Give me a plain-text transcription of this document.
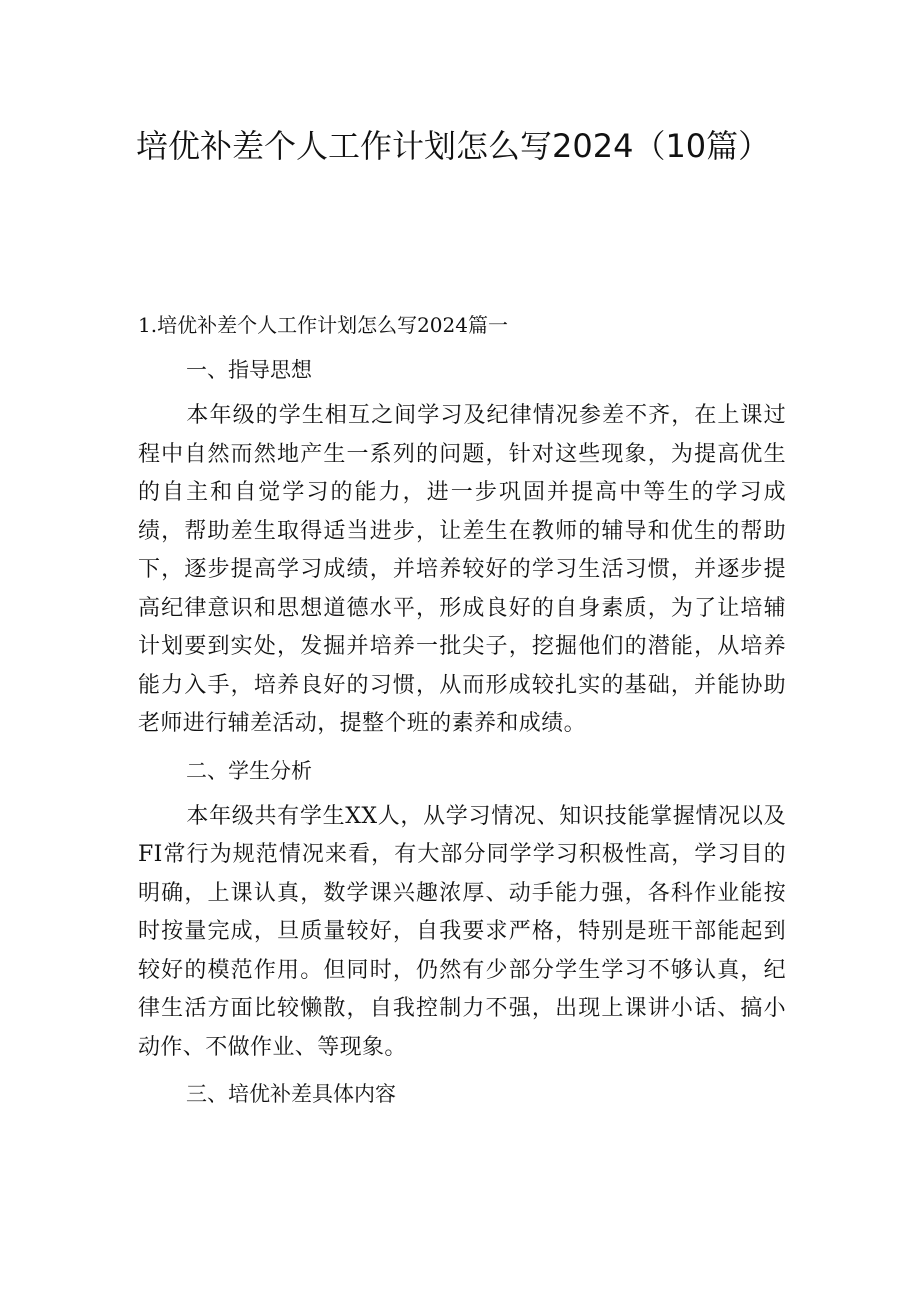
培优补差个人工作计划怎么写2024（10篇）

1.培优补差个人工作计划怎么写2024篇一

一、指导思想

本年级的学生相互之间学习及纪律情况参差不齐，在上课过程中自然而然地产生一系列的问题，针对这些现象，为提高优生的自主和自觉学习的能力，进一步巩固并提高中等生的学习成绩，帮助差生取得适当进步，让差生在教师的辅导和优生的帮助下，逐步提高学习成绩，并培养较好的学习生活习惯，并逐步提高纪律意识和思想道德水平，形成良好的自身素质，为了让培辅计划要到实处，发掘并培养一批尖子，挖掘他们的潜能，从培养能力入手，培养良好的习惯，从而形成较扎实的基础，并能协助老师进行辅差活动，提整个班的素养和成绩。

二、学生分析

本年级共有学生XX人，从学习情况、知识技能掌握情况以及FI常行为规范情况来看，有大部分同学学习积极性高，学习目的明确，上课认真，数学课兴趣浓厚、动手能力强，各科作业能按时按量完成，旦质量较好，自我要求严格，特别是班干部能起到较好的模范作用。但同时，仍然有少部分学生学习不够认真，纪律生活方面比较懒散，自我控制力不强，出现上课讲小话、搞小动作、不做作业、等现象。

三、培优补差具体内容
